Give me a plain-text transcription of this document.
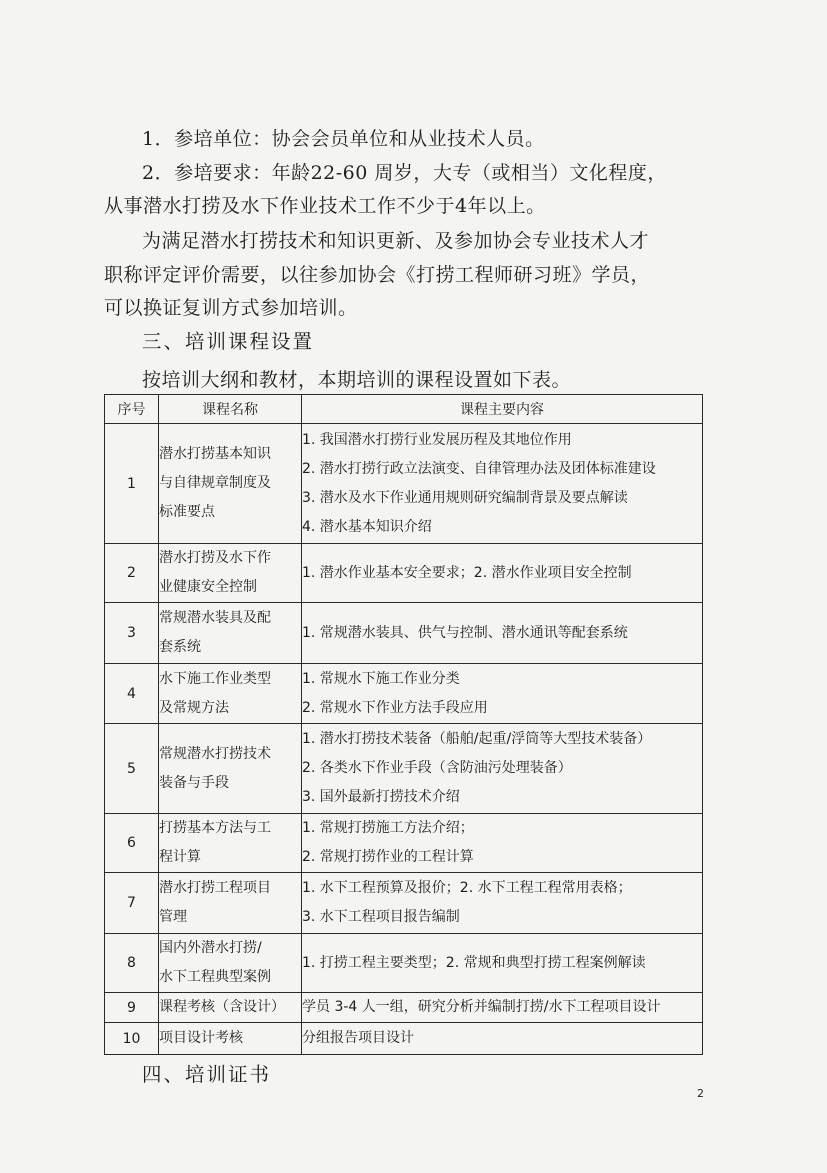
1．参培单位：协会会员单位和从业技术人员。

2．参培要求：年龄22-60 周岁，大专（或相当）文化程度，

从事潜水打捞及水下作业技术工作不少于4年以上。

为满足潜水打捞技术和知识更新、及参加协会专业技术人才

职称评定评价需要，以往参加协会《打捞工程师研习班》学员，

可以换证复训方式参加培训。

三、培训课程设置

按培训大纲和教材，本期培训的课程设置如下表。

序号	课程名称	课程主要内容
1	潜水打捞基本知识
与自律规章制度及
标准要点	1. 我国潜水打捞行业发展历程及其地位作用
2. 潜水打捞行政立法演变、自律管理办法及团体标准建设
3. 潜水及水下作业通用规则研究编制背景及要点解读
4. 潜水基本知识介绍

2	潜水打捞及水下作
业健康安全控制	1. 潜水作业基本安全要求；2. 潜水作业项目安全控制

3	常规潜水装具及配
套系统	1. 常规潜水装具、供气与控制、潜水通讯等配套系统

4	水下施工作业类型
及常规方法	1. 常规水下施工作业分类
2. 常规水下作业方法手段应用

5	常规潜水打捞技术
装备与手段	1. 潜水打捞技术装备（船舶/起重/浮筒等大型技术装备）
2. 各类水下作业手段（含防油污处理装备）
3. 国外最新打捞技术介绍

6	打捞基本方法与工
程计算	1. 常规打捞施工方法介绍；
2. 常规打捞作业的工程计算

7	潜水打捞工程项目
管理	1. 水下工程预算及报价；2. 水下工程工程常用表格；
3. 水下工程项目报告编制

8	国内外潜水打捞/
水下工程典型案例	1. 打捞工程主要类型；2. 常规和典型打捞工程案例解读

9	课程考核（含设计）	学员 3-4 人一组，研究分析并编制打捞/水下工程项目设计

10	项目设计考核	分组报告项目设计

四、培训证书

2
